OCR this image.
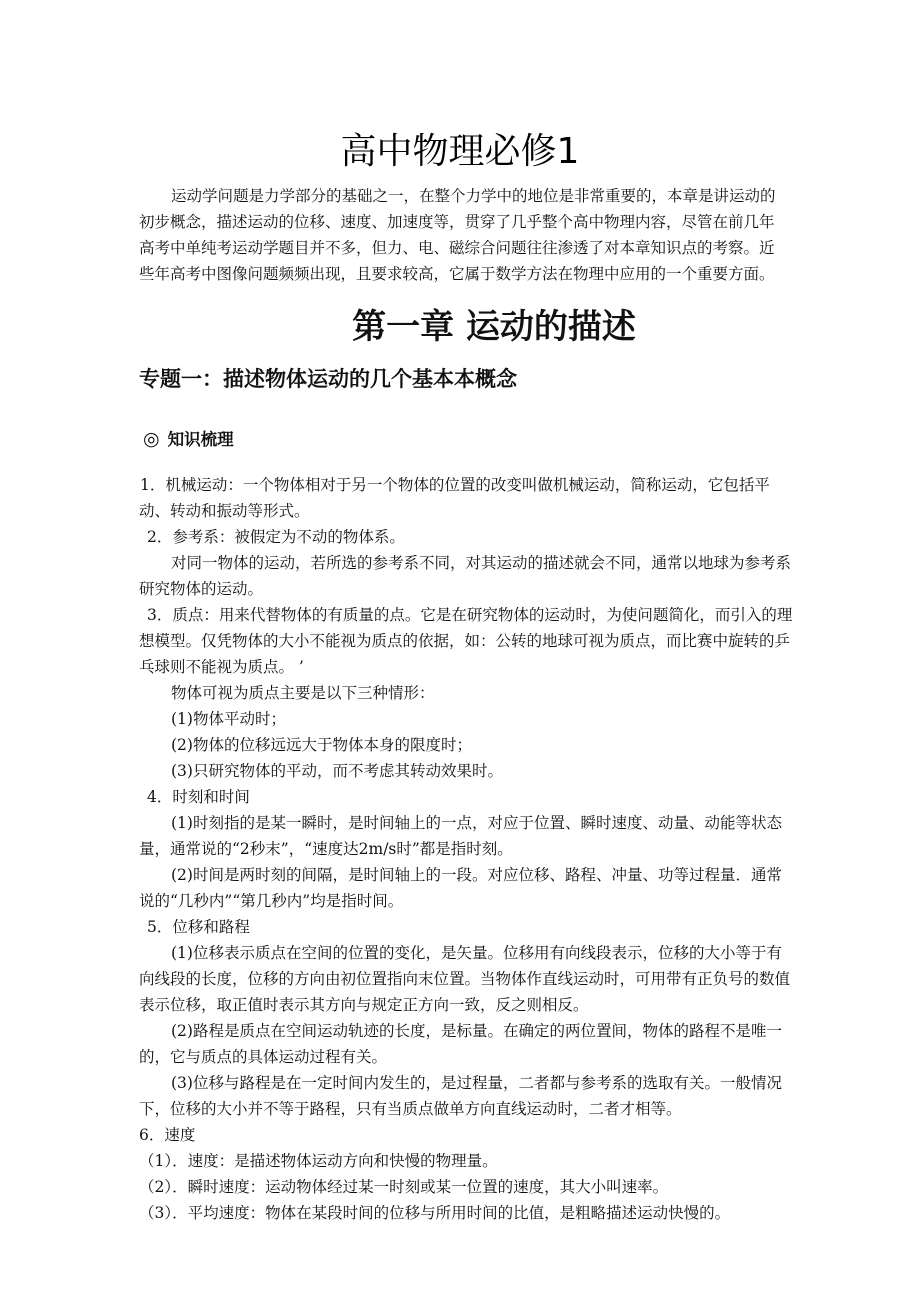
高中物理必修1
运动学问题是力学部分的基础之一，在整个力学中的地位是非常重要的，本章是讲运动的初步概念，描述运动的位移、速度、加速度等，贯穿了几乎整个高中物理内容，尽管在前几年高考中单纯考运动学题目并不多，但力、电、磁综合问题往往渗透了对本章知识点的考察。近些年高考中图像问题频频出现，且要求较高，它属于数学方法在物理中应用的一个重要方面。
第一章 运动的描述
专题一：描述物体运动的几个基本本概念
◎ 知识梳理

1．机械运动：一个物体相对于另一个物体的位置的改变叫做机械运动，简称运动，它包括平动、转动和振动等形式。

2．参考系：被假定为不动的物体系。

对同一物体的运动，若所选的参考系不同，对其运动的描述就会不同，通常以地球为参考系研究物体的运动。

3．质点：用来代替物体的有质量的点。它是在研究物体的运动时，为使问题简化，而引入的理想模型。仅凭物体的大小不能视为质点的依据，如：公转的地球可视为质点，而比赛中旋转的乒乓球则不能视为质点。 ’

物体可视为质点主要是以下三种情形：

(1)物体平动时；

(2)物体的位移远远大于物体本身的限度时；

(3)只研究物体的平动，而不考虑其转动效果时。

4．时刻和时间

(1)时刻指的是某一瞬时，是时间轴上的一点，对应于位置、瞬时速度、动量、动能等状态量，通常说的“2秒末”，“速度达2m/s时”都是指时刻。

(2)时间是两时刻的间隔，是时间轴上的一段。对应位移、路程、冲量、功等过程量．通常说的“几秒内”“第几秒内”均是指时间。

5．位移和路程

(1)位移表示质点在空间的位置的变化，是矢量。位移用有向线段表示，位移的大小等于有向线段的长度，位移的方向由初位置指向末位置。当物体作直线运动时，可用带有正负号的数值表示位移，取正值时表示其方向与规定正方向一致，反之则相反。

(2)路程是质点在空间运动轨迹的长度，是标量。在确定的两位置间，物体的路程不是唯一的，它与质点的具体运动过程有关。

(3)位移与路程是在一定时间内发生的，是过程量，二者都与参考系的选取有关。一般情况下，位移的大小并不等于路程，只有当质点做单方向直线运动时，二者才相等。

6．速度

（1）．速度：是描述物体运动方向和快慢的物理量。

（2）．瞬时速度：运动物体经过某一时刻或某一位置的速度，其大小叫速率。

（3）．平均速度：物体在某段时间的位移与所用时间的比值，是粗略描述运动快慢的。
